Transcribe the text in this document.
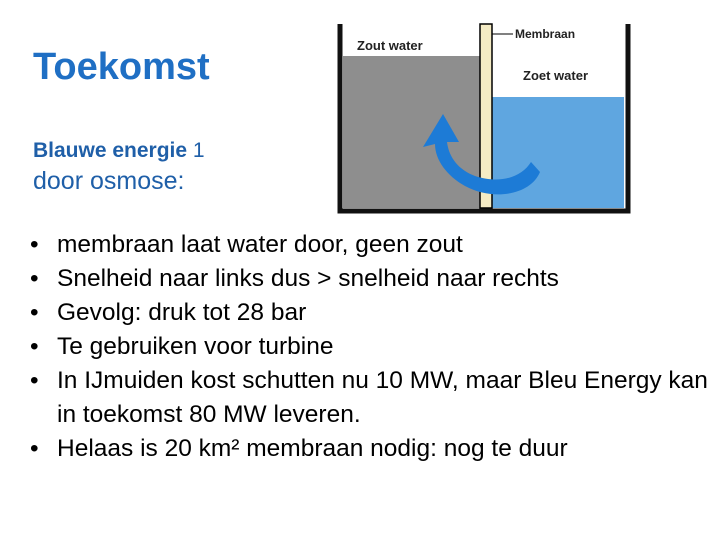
Toekomst
Blauwe energie 1
door osmose:
Membraan
Zout water
Zoet water
• membraan laat water door, geen zout
• Snelheid naar links dus > snelheid naar rechts
• Gevolg: druk tot 28 bar
• Te gebruiken voor turbine
• In IJmuiden kost schutten nu 10 MW, maar Bleu Energy kan in toekomst 80 MW leveren.
• Helaas is 20 km² membraan nodig: nog te duur
